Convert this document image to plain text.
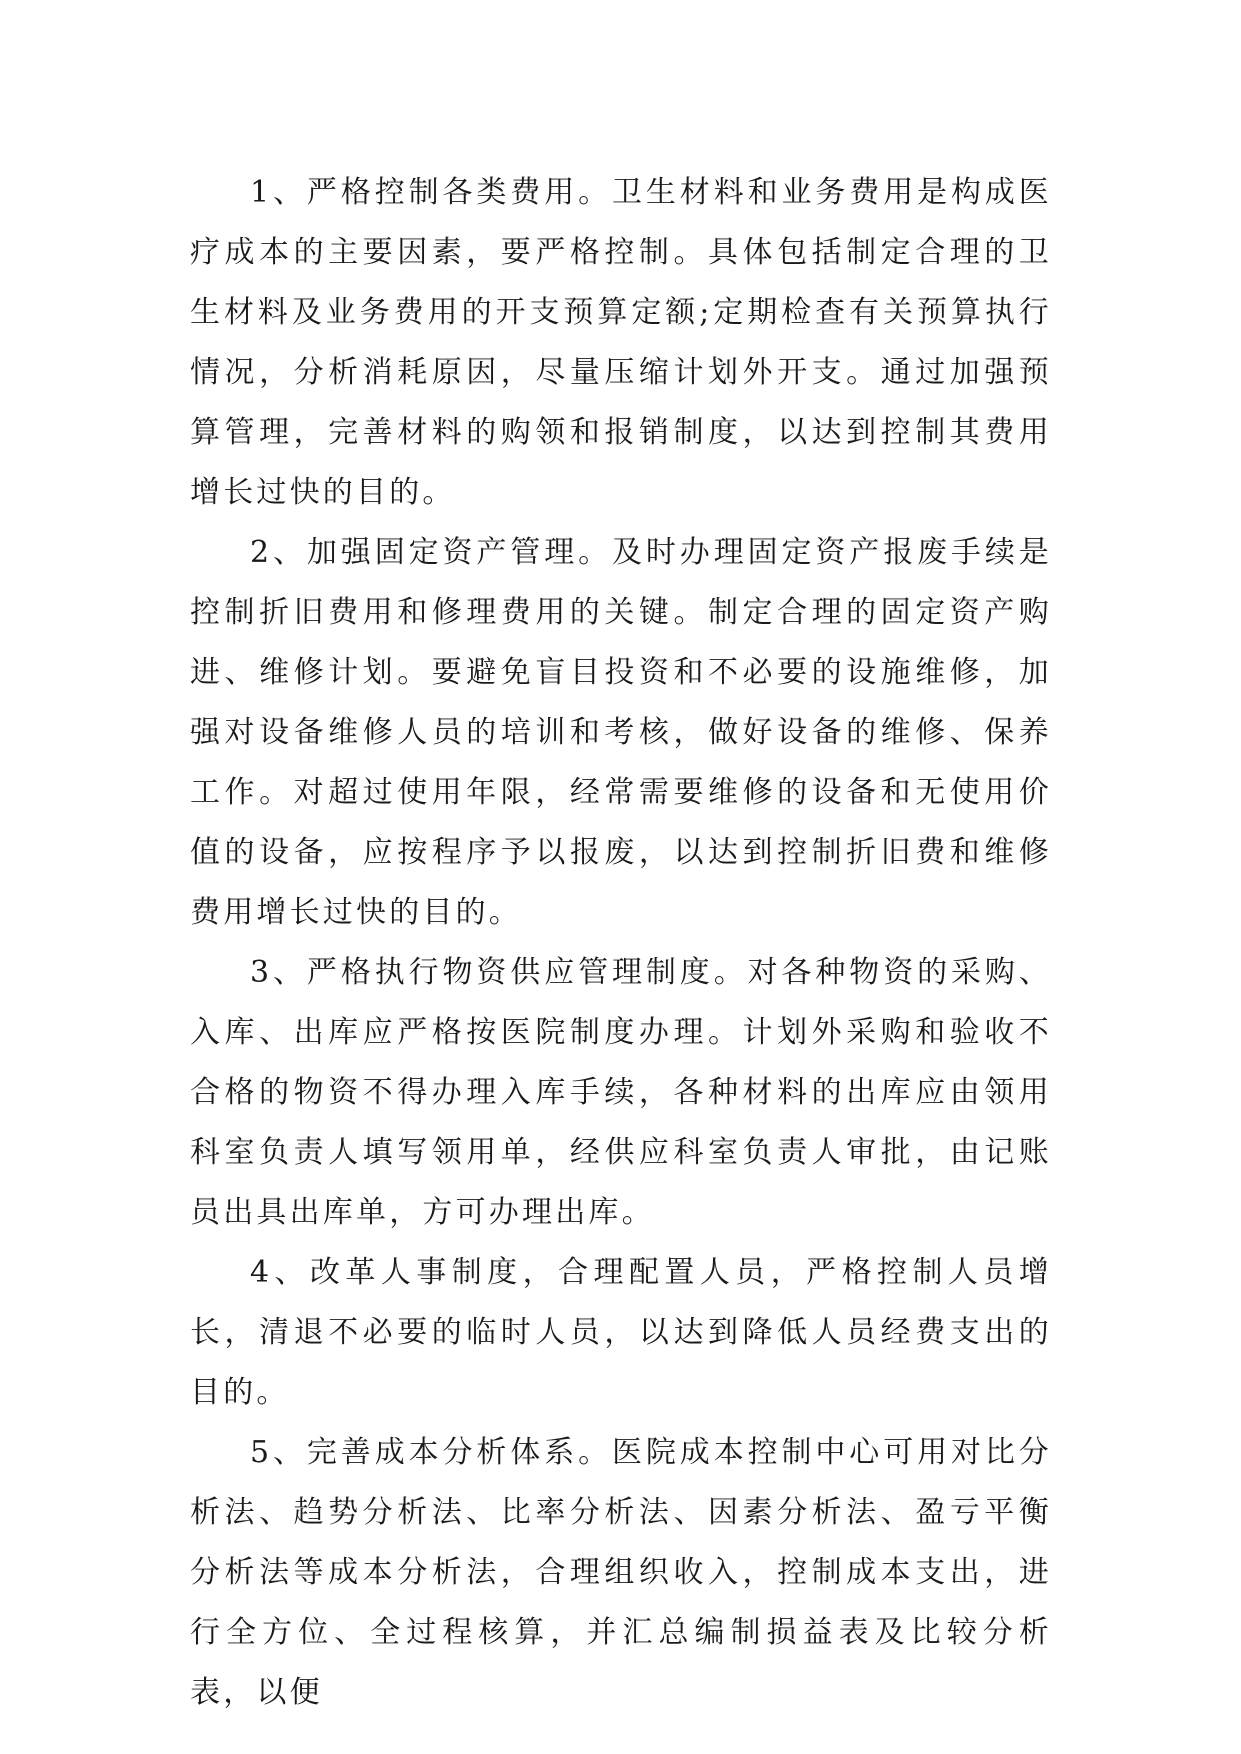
1、严格控制各类费用。卫生材料和业务费用是构成医疗成本的主要因素，要严格控制。具体包括制定合理的卫生材料及业务费用的开支预算定额;定期检查有关预算执行情况，分析消耗原因，尽量压缩计划外开支。通过加强预算管理，完善材料的购领和报销制度，以达到控制其费用增长过快的目的。

2、加强固定资产管理。及时办理固定资产报废手续是控制折旧费用和修理费用的关键。制定合理的固定资产购进、维修计划。要避免盲目投资和不必要的设施维修，加强对设备维修人员的培训和考核，做好设备的维修、保养工作。对超过使用年限，经常需要维修的设备和无使用价值的设备，应按程序予以报废，以达到控制折旧费和维修费用增长过快的目的。

3、严格执行物资供应管理制度。对各种物资的采购、入库、出库应严格按医院制度办理。计划外采购和验收不合格的物资不得办理入库手续，各种材料的出库应由领用科室负责人填写领用单，经供应科室负责人审批，由记账员出具出库单，方可办理出库。

4、改革人事制度，合理配置人员，严格控制人员增长，清退不必要的临时人员，以达到降低人员经费支出的目的。

5、完善成本分析体系。医院成本控制中心可用对比分析法、趋势分析法、比率分析法、因素分析法、盈亏平衡分析法等成本分析法，合理组织收入，控制成本支出，进行全方位、全过程核算，并汇总编制损益表及比较分析表，以便
